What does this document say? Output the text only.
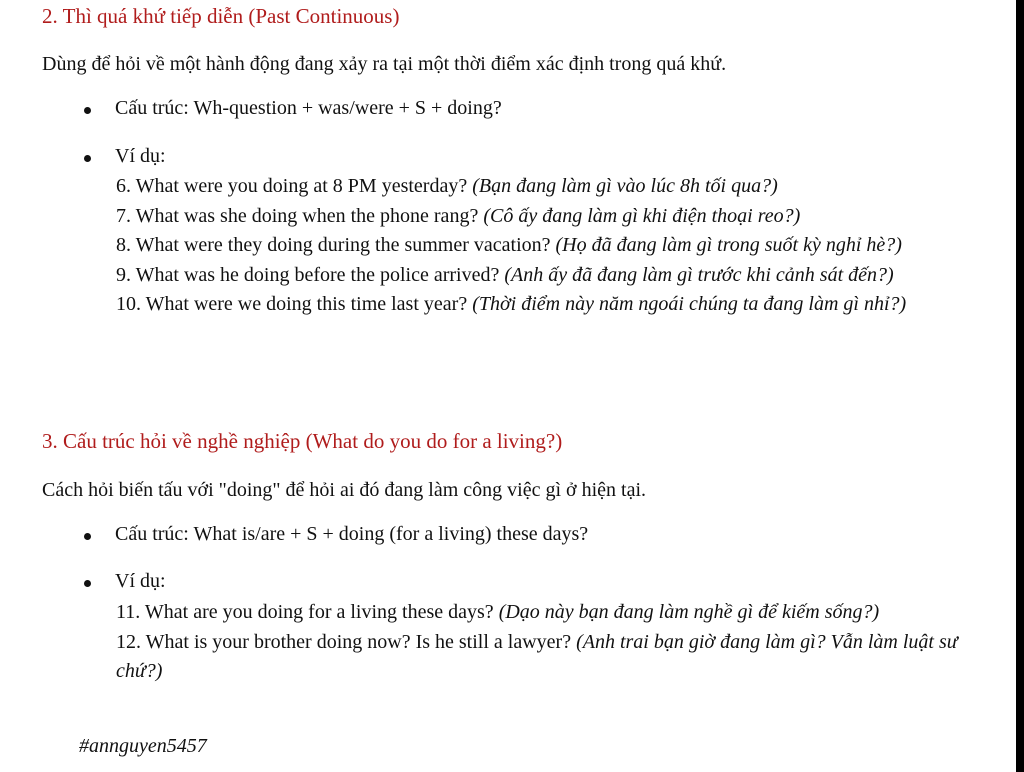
2. Thì quá khứ tiếp diễn (Past Continuous)
Dùng để hỏi về một hành động đang xảy ra tại một thời điểm xác định trong quá khứ.
Cấu trúc: Wh-question + was/were + S + doing?
Ví dụ:

6. What were you doing at 8 PM yesterday? (Bạn đang làm gì vào lúc 8h tối qua?)

7. What was she doing when the phone rang? (Cô ấy đang làm gì khi điện thoại reo?)

8. What were they doing during the summer vacation? (Họ đã đang làm gì trong suốt kỳ nghỉ hè?)

9. What was he doing before the police arrived? (Anh ấy đã đang làm gì trước khi cảnh sát đến?)

10. What were we doing this time last year? (Thời điểm này năm ngoái chúng ta đang làm gì nhỉ?)

3. Cấu trúc hỏi về nghề nghiệp (What do you do for a living?)
Cách hỏi biến tấu với "doing" để hỏi ai đó đang làm công việc gì ở hiện tại.
Cấu trúc: What is/are + S + doing (for a living) these days?
Ví dụ:

11. What are you doing for a living these days? (Dạo này bạn đang làm nghề gì để kiếm sống?)

12. What is your brother doing now? Is he still a lawyer? (Anh trai bạn giờ đang làm gì? Vẫn làm luật sư chứ?)

#annguyen5457
